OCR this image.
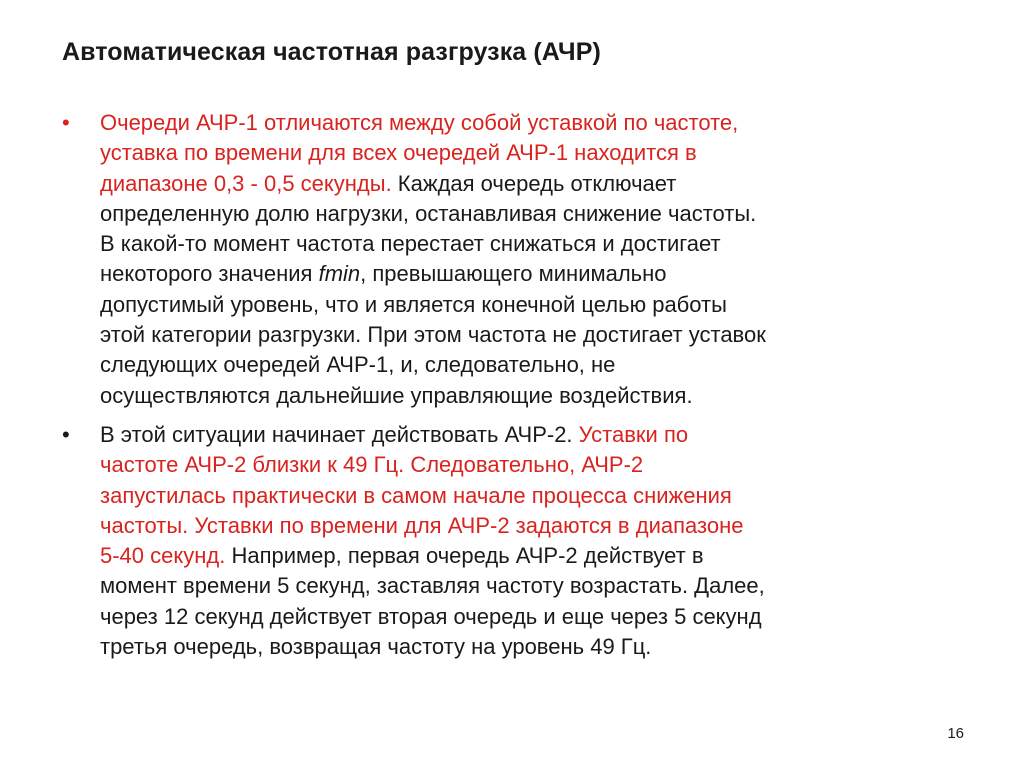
Автоматическая частотная разгрузка (АЧР)
• Очереди АЧР-1 отличаются между собой уставкой по частоте,
уставка по времени для всех очередей АЧР-1 находится в
диапазоне 0,3 - 0,5 секунды. Каждая очередь отключает
определенную долю нагрузки, останавливая снижение частоты.
В какой-то момент частота перестает снижаться и достигает
некоторого значения fmin, превышающего минимально
допустимый уровень, что и является конечной целью работы
этой категории разгрузки. При этом частота не достигает уставок
следующих очередей АЧР-1, и, следовательно, не
осуществляются дальнейшие управляющие воздействия.
• В этой ситуации начинает действовать АЧР-2. Уставки по
частоте АЧР-2 близки к 49 Гц. Следовательно, АЧР-2
запустилась практически в самом начале процесса снижения
частоты. Уставки по времени для АЧР-2 задаются в диапазоне
5-40 секунд. Например, первая очередь АЧР-2 действует в
момент времени 5 секунд, заставляя частоту возрастать. Далее,
через 12 секунд действует вторая очередь и еще через 5 секунд
третья очередь, возвращая частоту на уровень 49 Гц.
16
